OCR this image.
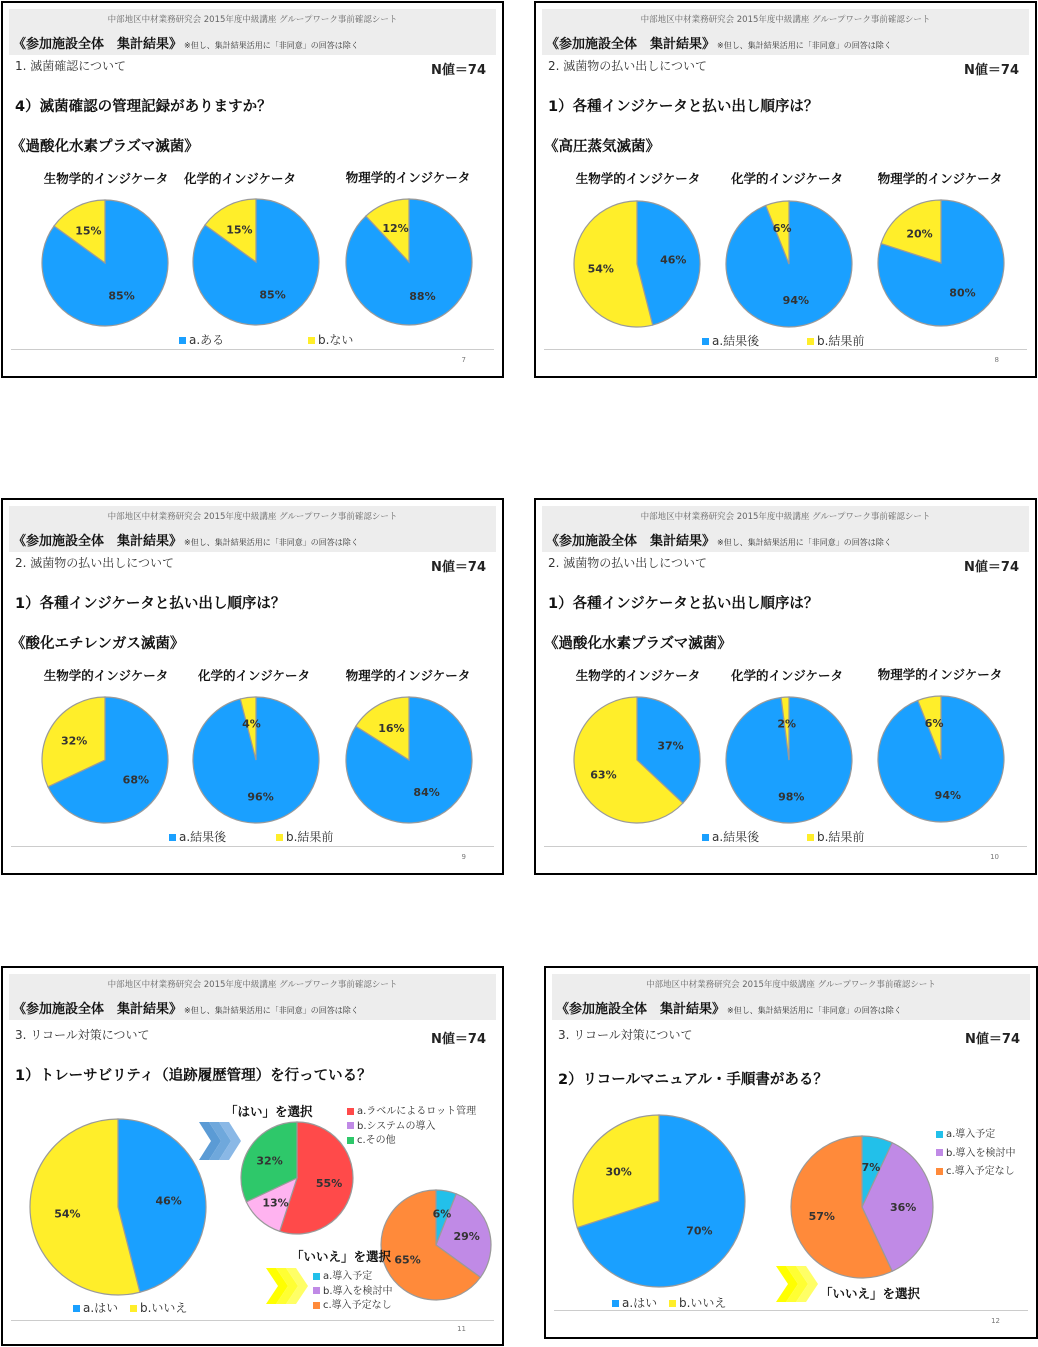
中部地区中材業務研究会 2015年度中級講座 グループワーク事前確認シート
《参加施設全体　集計結果》 ※但し、集計結果活用に「非同意」の回答は除く
1. 滅菌確認について	N値＝74
4）滅菌確認の管理記録がありますか？
《過酸化水素プラズマ滅菌》
生物学的インジケータ	化学的インジケータ	物理学的インジケータ
85%
15%
85%
15%
88%
12%
a.ある	b.ない
7
中部地区中材業務研究会 2015年度中級講座 グループワーク事前確認シート
《参加施設全体　集計結果》 ※但し、集計結果活用に「非同意」の回答は除く
2. 滅菌物の払い出しについて	N値＝74
1）各種インジケータと払い出し順序は？
《高圧蒸気滅菌》
生物学的インジケータ	化学的インジケータ	物理学的インジケータ
46%
54%
94%
6%
80%
20%
a.結果後	b.結果前
8
中部地区中材業務研究会 2015年度中級講座 グループワーク事前確認シート
《参加施設全体　集計結果》 ※但し、集計結果活用に「非同意」の回答は除く
2. 滅菌物の払い出しについて	N値＝74
1）各種インジケータと払い出し順序は？
《酸化エチレンガス滅菌》
生物学的インジケータ	化学的インジケータ	物理学的インジケータ
68%
32%
96%
4%
84%
16%
a.結果後	b.結果前
9
中部地区中材業務研究会 2015年度中級講座 グループワーク事前確認シート
《参加施設全体　集計結果》 ※但し、集計結果活用に「非同意」の回答は除く
2. 滅菌物の払い出しについて	N値＝74
1）各種インジケータと払い出し順序は？
《過酸化水素プラズマ滅菌》
生物学的インジケータ	化学的インジケータ	物理学的インジケータ
37%
63%
98%
2%
94%
6%
a.結果後	b.結果前
10
中部地区中材業務研究会 2015年度中級講座 グループワーク事前確認シート
《参加施設全体　集計結果》 ※但し、集計結果活用に「非同意」の回答は除く
3. リコール対策について	N値＝74
1）トレーサビリティ（追跡履歴管理）を行っている？
46%
54%
「はい」を選択
55%
13%
32%
a.ラベルによるロット管理
b.システムの導入
c.その他
6%
29%
65%
「いいえ」を選択
a.導入予定
b.導入を検討中
c.導入予定なし
a.はい b.いいえ
11
中部地区中材業務研究会 2015年度中級講座 グループワーク事前確認シート
《参加施設全体　集計結果》 ※但し、集計結果活用に「非同意」の回答は除く
3. リコール対策について	N値＝74
2）リコールマニュアル・手順書がある？
70%
30%	7%
36%
57%
a.導入予定
b.導入を検討中
c.導入予定なし
「いいえ」を選択
a.はい b.いいえ
12
